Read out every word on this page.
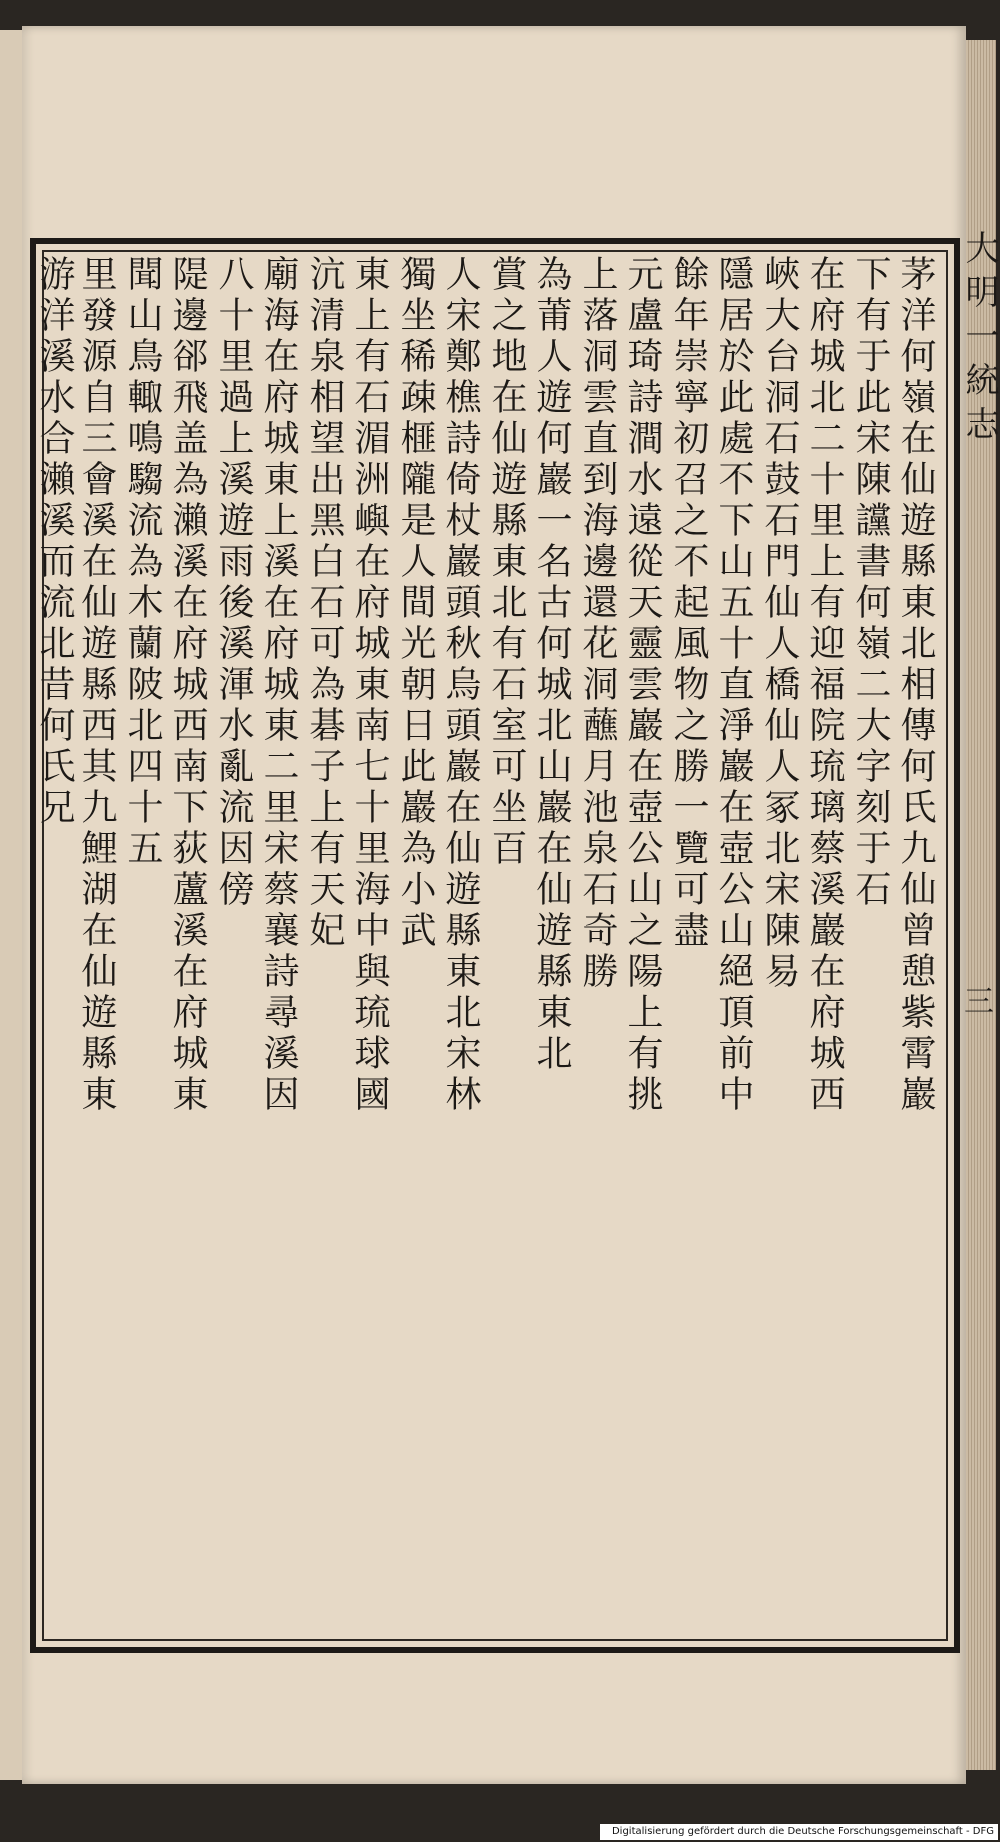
大明一統志
三
茅洋何嶺在仙遊縣東北相傳何氏九仙曾憩紫霄巖
下有于此宋陳讜書何嶺二大字刻于石
在府城北二十里上有迎福院琉璃蔡溪巖在府城西
峽大台洞石鼓石門仙人橋仙人冢北宋陳易
隱居於此處不下山五十直淨巖在壺公山絕頂前中
餘年崇寧初召之不起風物之勝一覽可盡
元盧琦詩澗水遠從天靈雲巖在壺公山之陽上有挑
上落洞雲直到海邊還花洞蘸月池泉石奇勝
為莆人遊何巖一名古何城北山巖在仙遊縣東北
賞之地在仙遊縣東北有石室可坐百
人宋鄭樵詩倚杖巖頭秋烏頭巖在仙遊縣東北宋林
獨坐稀疎榧隴是人間光朝日此巖為小武
東上有石湄洲嶼在府城東南七十里海中與琉球國
沆清泉相望出黑白石可為碁子上有天妃
廟海在府城東上溪在府城東二里宋蔡襄詩尋溪因
八十里過上溪遊雨後溪渾水亂流因傍
隄邊郤飛盖為瀨溪在府城西南下荻蘆溪在府城東
聞山鳥輙鳴騶流為木蘭陂北四十五
里發源自三會溪在仙遊縣西其九鯉湖在仙遊縣東
游洋溪水合瀨溪而流北昔何氏兄
Digitalisierung gefördert durch die Deutsche Forschungsgemeinschaft - DFG
